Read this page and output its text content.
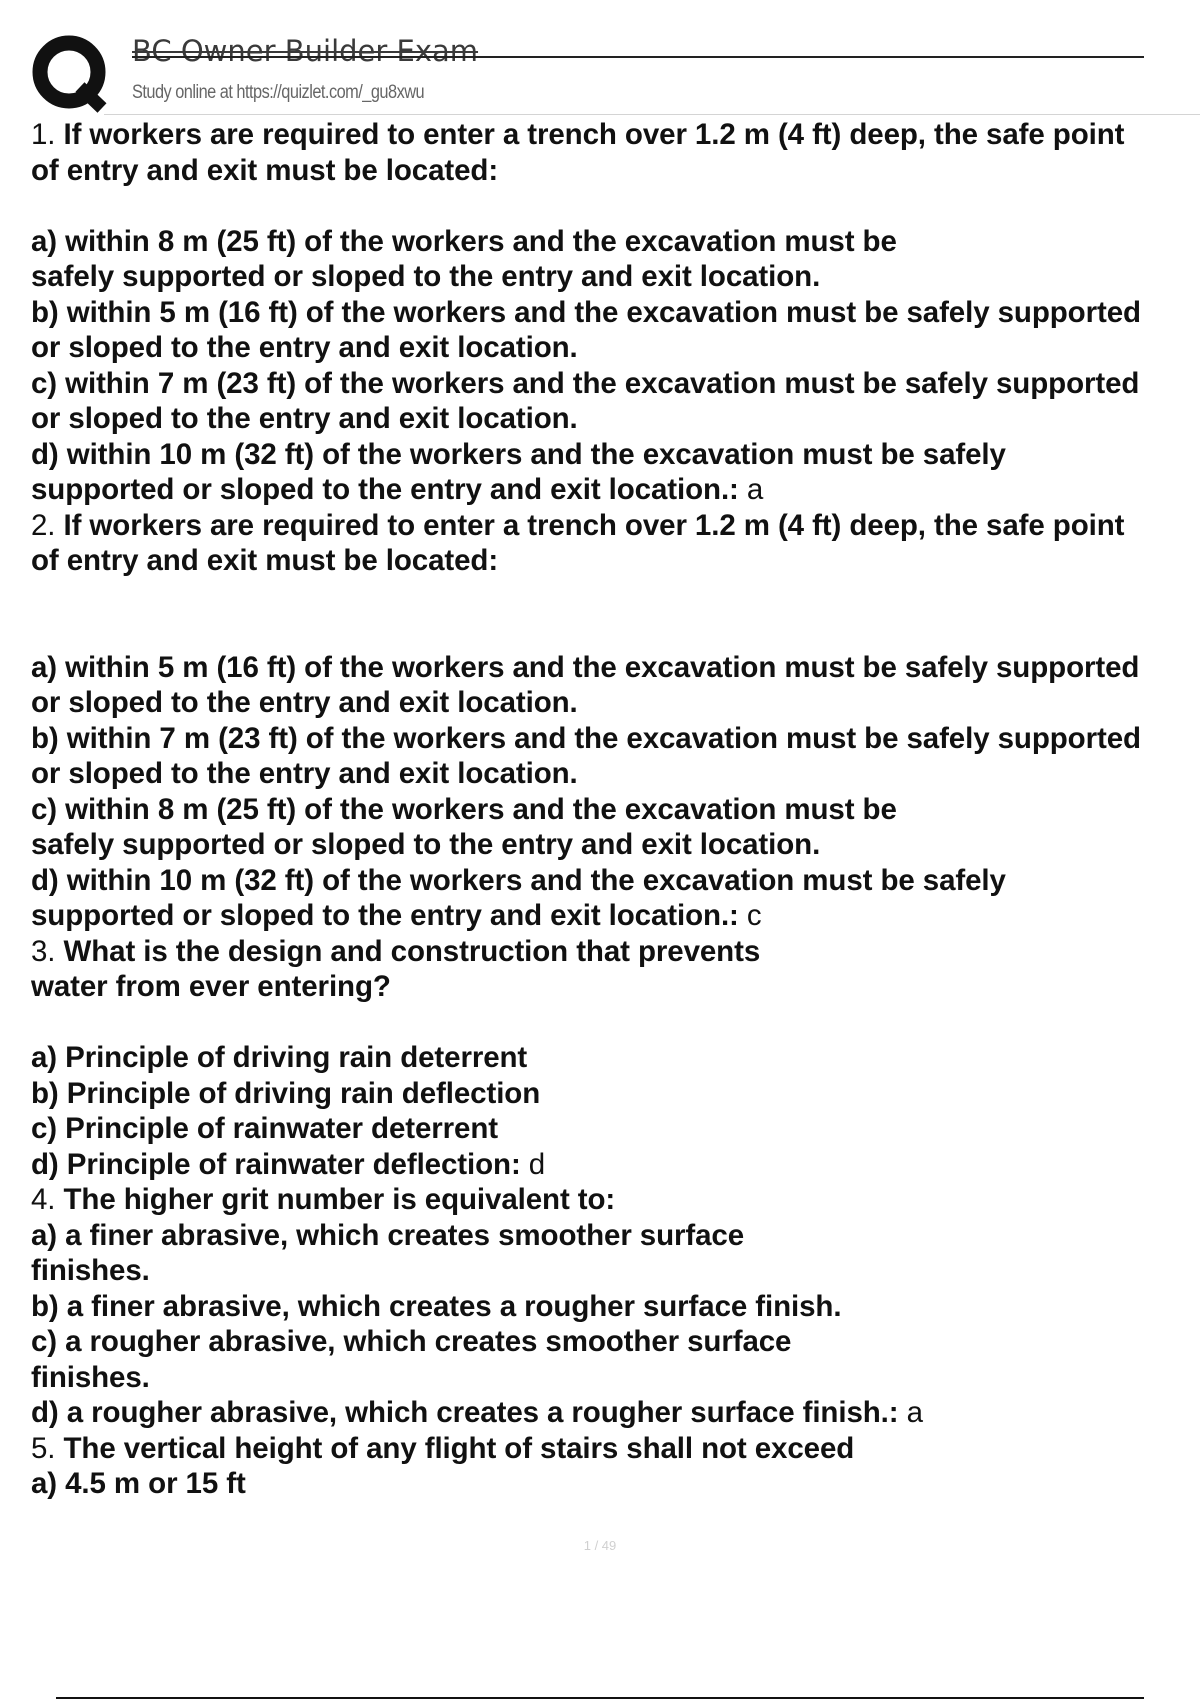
BC Owner Builder Exam
Study online at https://quizlet.com/_gu8xwu
1. If workers are required to enter a trench over 1.2 m (4 ft) deep, the safe point
of entry and exit must be located:
a) within 8 m (25 ft) of the workers and the excavation must be
safely supported or sloped to the entry and exit location.
b) within 5 m (16 ft) of the workers and the excavation must be safely supported
or sloped to the entry and exit location.
c) within 7 m (23 ft) of the workers and the excavation must be safely supported
or sloped to the entry and exit location.
d) within 10 m (32 ft) of the workers and the excavation must be safely
supported or sloped to the entry and exit location.: a
2. If workers are required to enter a trench over 1.2 m (4 ft) deep, the safe point
of entry and exit must be located:
a) within 5 m (16 ft) of the workers and the excavation must be safely supported
or sloped to the entry and exit location.
b) within 7 m (23 ft) of the workers and the excavation must be safely supported
or sloped to the entry and exit location.
c) within 8 m (25 ft) of the workers and the excavation must be
safely supported or sloped to the entry and exit location.
d) within 10 m (32 ft) of the workers and the excavation must be safely
supported or sloped to the entry and exit location.: c
3. What is the design and construction that prevents
water from ever entering?
a) Principle of driving rain deterrent
b) Principle of driving rain deflection
c) Principle of rainwater deterrent
d) Principle of rainwater deflection: d
4. The higher grit number is equivalent to:
a) a finer abrasive, which creates smoother surface
finishes.
b) a finer abrasive, which creates a rougher surface finish.
c) a rougher abrasive, which creates smoother surface
finishes.
d) a rougher abrasive, which creates a rougher surface finish.: a
5. The vertical height of any flight of stairs shall not exceed
a) 4.5 m or 15 ft
1 / 49
